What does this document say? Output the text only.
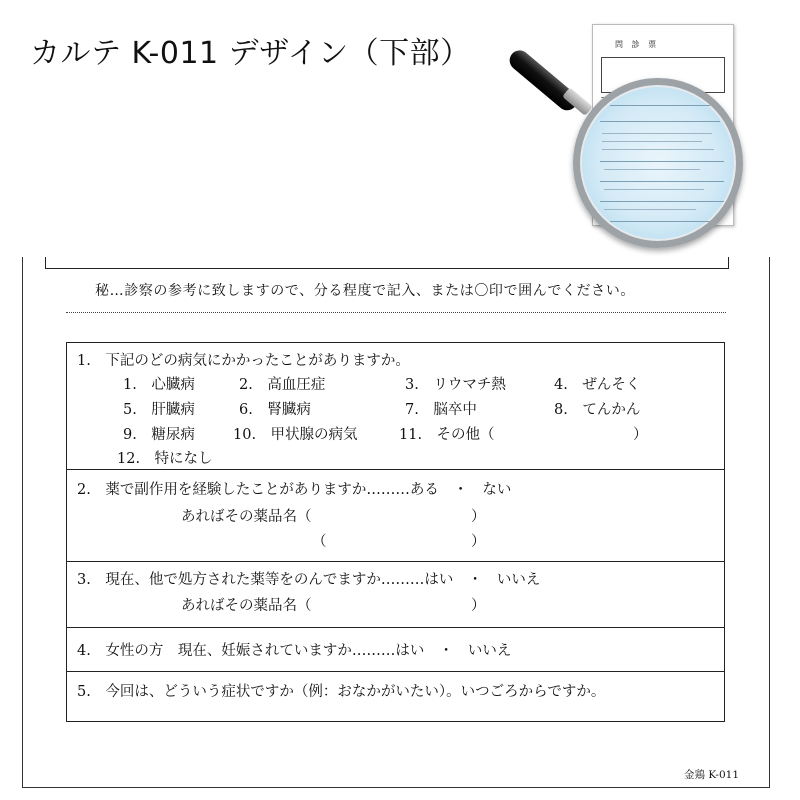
カルテ K-011 デザイン（下部）	問 診 票
秘…診察の参考に致しますので、分る程度で記入、または〇印で囲んでください。
1.　下記のどの病気にかかったことがありますか。
1.　心臓病	2.　高血圧症	3.　リウマチ熱	4.　ぜんそく
5.　肝臓病	6.　腎臓病	7.　脳卒中	8.　てんかん
9.　糖尿病	10.　甲状腺の病気	11.　その他（	）
12.　特になし
2.　薬で副作用を経験したことがありますか………ある　・　ない
あればその薬品名（	）
（	）
3.　現在、他で処方された薬等をのんでますか………はい　・　いいえ
あればその薬品名（	）
4.　女性の方　現在、妊娠されていますか………はい　・　いいえ
5.　今回は、どういう症状ですか（例：おなかがいたい）。いつごろからですか。
金鶏 K-011
